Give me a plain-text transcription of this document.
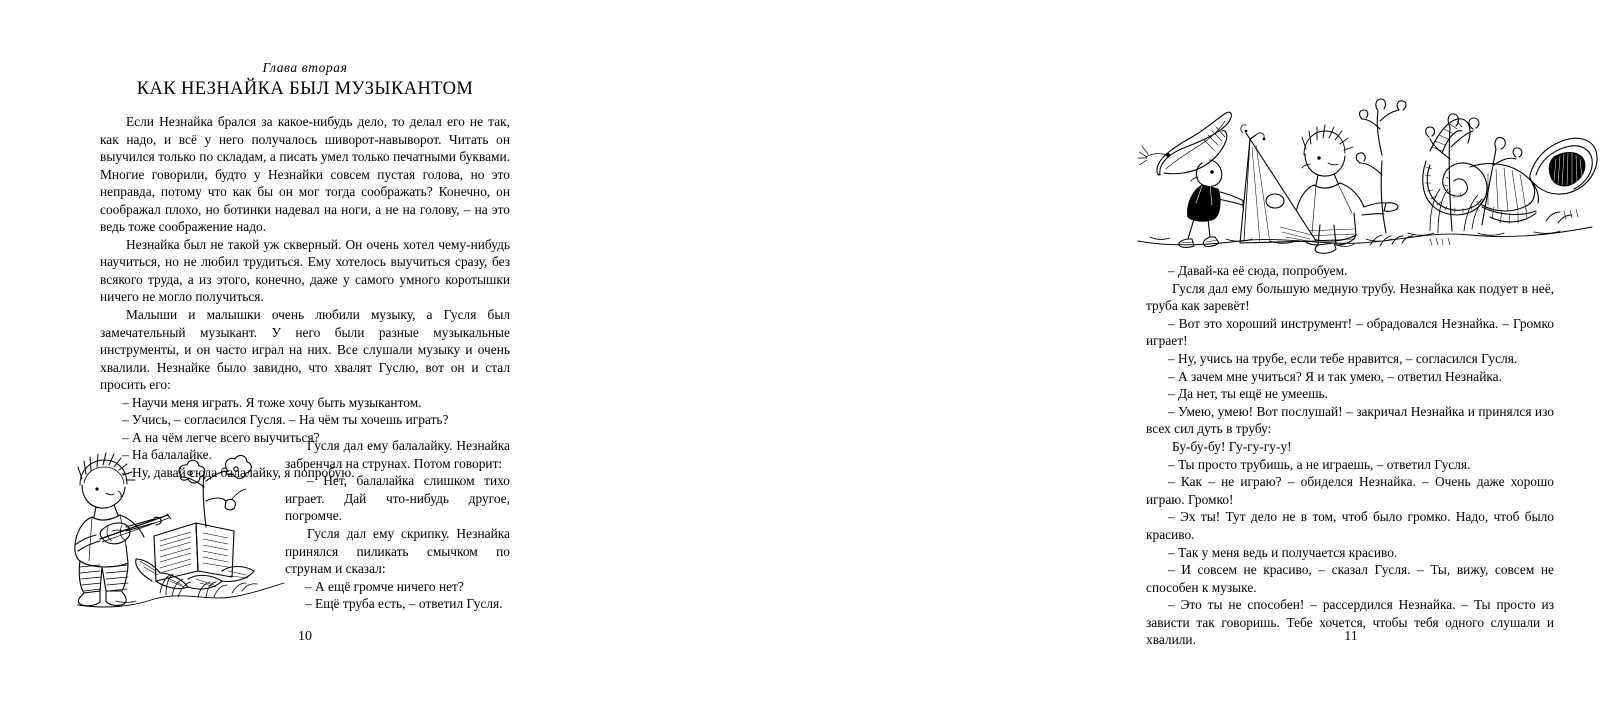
Глава вторая
КАК НЕЗНАЙКА БЫЛ МУЗЫКАНТОМ

Если Незнайка брался за какое-нибудь дело, то делал его не так, как надо, и всё у него получалось шиворот-навыворот. Читать он выучился только по складам, а писать умел только печатными буквами. Многие говорили, будто у Незнайки совсем пустая голова, но это неправда, потому что как бы он мог тогда соображать? Конечно, он соображал плохо, но ботинки надевал на ноги, а не на голову, – на это ведь тоже соображение надо.

Незнайка был не такой уж скверный. Он очень хотел чему-нибудь научиться, но не любил трудиться. Ему хотелось выучиться сразу, без всякого труда, а из этого, конечно, даже у самого умного коротышки ничего не могло получиться.

Малыши и малышки очень любили музыку, а Гусля был замечательный музыкант. У него были разные музыкальные инструменты, и он часто играл на них. Все слушали музыку и очень хвалили. Незнайке было завидно, что хвалят Гуслю, вот он и стал просить его:

– Научи меня играть. Я тоже хочу быть музыкантом.

– Учись, – согласился Гусля. – На чём ты хочешь играть?

– А на чём легче всего выучиться?

– На балалайке.

– Ну, давай сюда балалайку, я попробую.

Гусля дал ему балалайку. Незнайка забренчал на струнах. Потом говорит:

– Нет, балалайка слишком тихо играет. Дай что-нибудь другое, погромче.

Гусля дал ему скрипку. Незнайка принялся пиликать смычком по струнам и сказал:

– А ещё громче ничего нет?

– Ещё труба есть, – ответил Гусля.

10

– Давай-ка её сюда, попробуем.

Гусля дал ему большую медную трубу. Незнайка как подует в неё, труба как заревёт!

– Вот это хороший инструмент! – обрадовался Незнайка. – Громко играет!

– Ну, учись на трубе, если тебе нравится, – согласился Гусля.

– А зачем мне учиться? Я и так умею, – ответил Незнайка.

– Да нет, ты ещё не умеешь.

– Умею, умею! Вот послушай! – закричал Незнайка и принялся изо всех сил дуть в трубу:

Бу-бу-бу! Гу-гу-гу-у!

– Ты просто трубишь, а не играешь, – ответил Гусля.

– Как – не играю? – обиделся Незнайка. – Очень даже хорошо играю. Громко!

– Эх ты! Тут дело не в том, чтоб было громко. Надо, чтоб было красиво.

– Так у меня ведь и получается красиво.

– И совсем не красиво, – сказал Гусля. – Ты, вижу, совсем не способен к музыке.

– Это ты не способен! – рассердился Незнайка. – Ты просто из зависти так говоришь. Тебе хочется, чтобы тебя одного слушали и хвалили.	11
